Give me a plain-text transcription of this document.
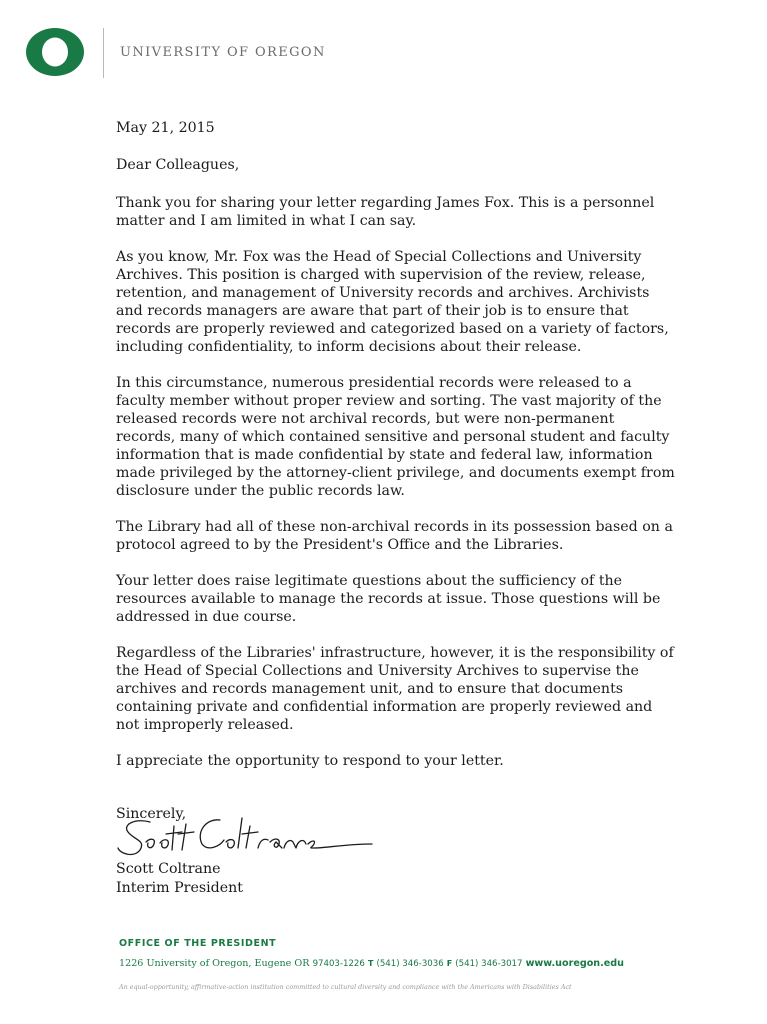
UNIVERSITY OF OREGON

May 21, 2015

Dear Colleagues,

Thank you for sharing your letter regarding James Fox. This is a personnel matter and I am limited in what I can say.

As you know, Mr. Fox was the Head of Special Collections and University Archives. This position is charged with supervision of the review, release, retention, and management of University records and archives. Archivists and records managers are aware that part of their job is to ensure that records are properly reviewed and categorized based on a variety of factors, including confidentiality, to inform decisions about their release.

In this circumstance, numerous presidential records were released to a faculty member without proper review and sorting. The vast majority of the released records were not archival records, but were non-permanent records, many of which contained sensitive and personal student and faculty information that is made confidential by state and federal law, information made privileged by the attorney-client privilege, and documents exempt from disclosure under the public records law.

The Library had all of these non-archival records in its possession based on a protocol agreed to by the President's Office and the Libraries.

Your letter does raise legitimate questions about the sufficiency of the resources available to manage the records at issue. Those questions will be addressed in due course.

Regardless of the Libraries' infrastructure, however, it is the responsibility of the Head of Special Collections and University Archives to supervise the archives and records management unit, and to ensure that documents containing private and confidential information are properly reviewed and not improperly released.

I appreciate the opportunity to respond to your letter.

Sincerely,

Scott Coltrane

Interim President

OFFICE OF THE PRESIDENT
1226 University of Oregon, Eugene OR 97403-1226 T (541) 346-3036 F (541) 346-3017 www.uoregon.edu
An equal-opportunity, affirmative-action institution committed to cultural diversity and compliance with the Americans with Disabilities Act
